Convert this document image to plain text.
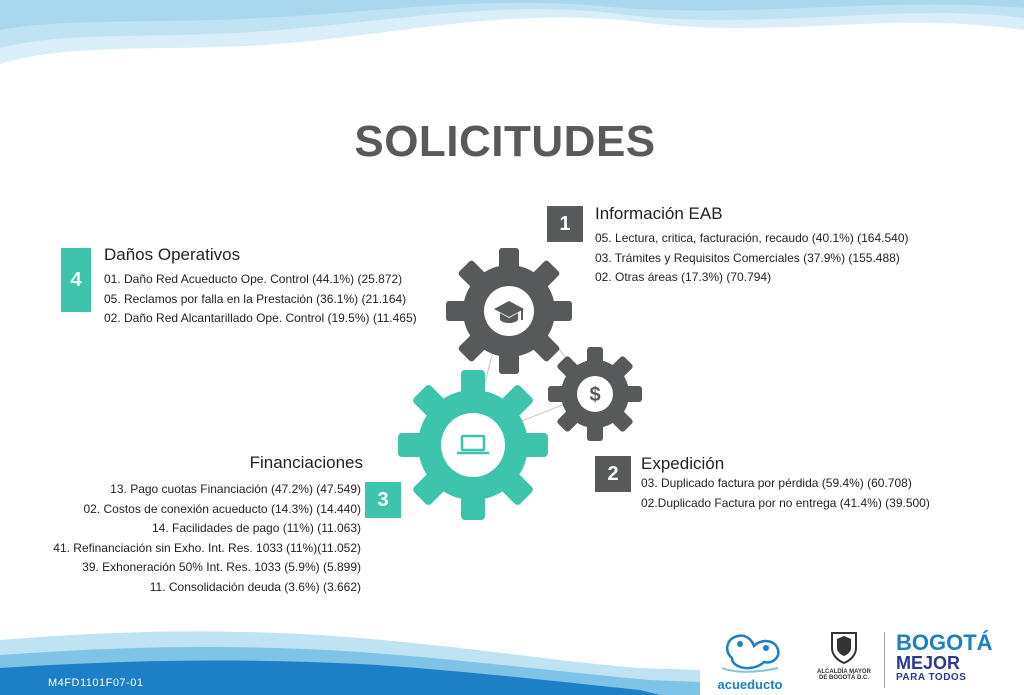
SOLICITUDES
$
1	Información EAB
05. Lectura, critica, facturación, recaudo (40.1%) (164.540)
03. Trámites y Requisitos Comerciales (37.9%) (155.488)
02. Otras áreas (17.3%) (70.794)
2	Expedición
03. Duplicado factura por pérdida (59.4%) (60.708)
02.Duplicado Factura por no entrega (41.4%) (39.500)
3
Financiaciones
13. Pago cuotas Financiación (47.2%) (47.549)
02. Costos de conexión acueducto (14.3%) (14.440)
14. Facilidades de pago (11%) (11.063)
41. Refinanciación sin Exho. Int. Res. 1033 (11%)(11.052)
39. Exhoneración 50% Int. Res. 1033 (5.9%) (5.899)
11. Consolidación deuda (3.6%) (3.662)
4
Daños Operativos
01. Daño Red Acueducto Ope. Control (44.1%) (25.872)
05. Reclamos por falla en la Prestación (36.1%) (21.164)
02. Daño Red Alcantarillado Ope. Control (19.5%) (11.465)
M4FD1101F07-01	acueducto
ALCALDÍA MAYOR
DE BOGOTÁ D.C.
BOGOTÁ
MEJOR
PARA TODOS
